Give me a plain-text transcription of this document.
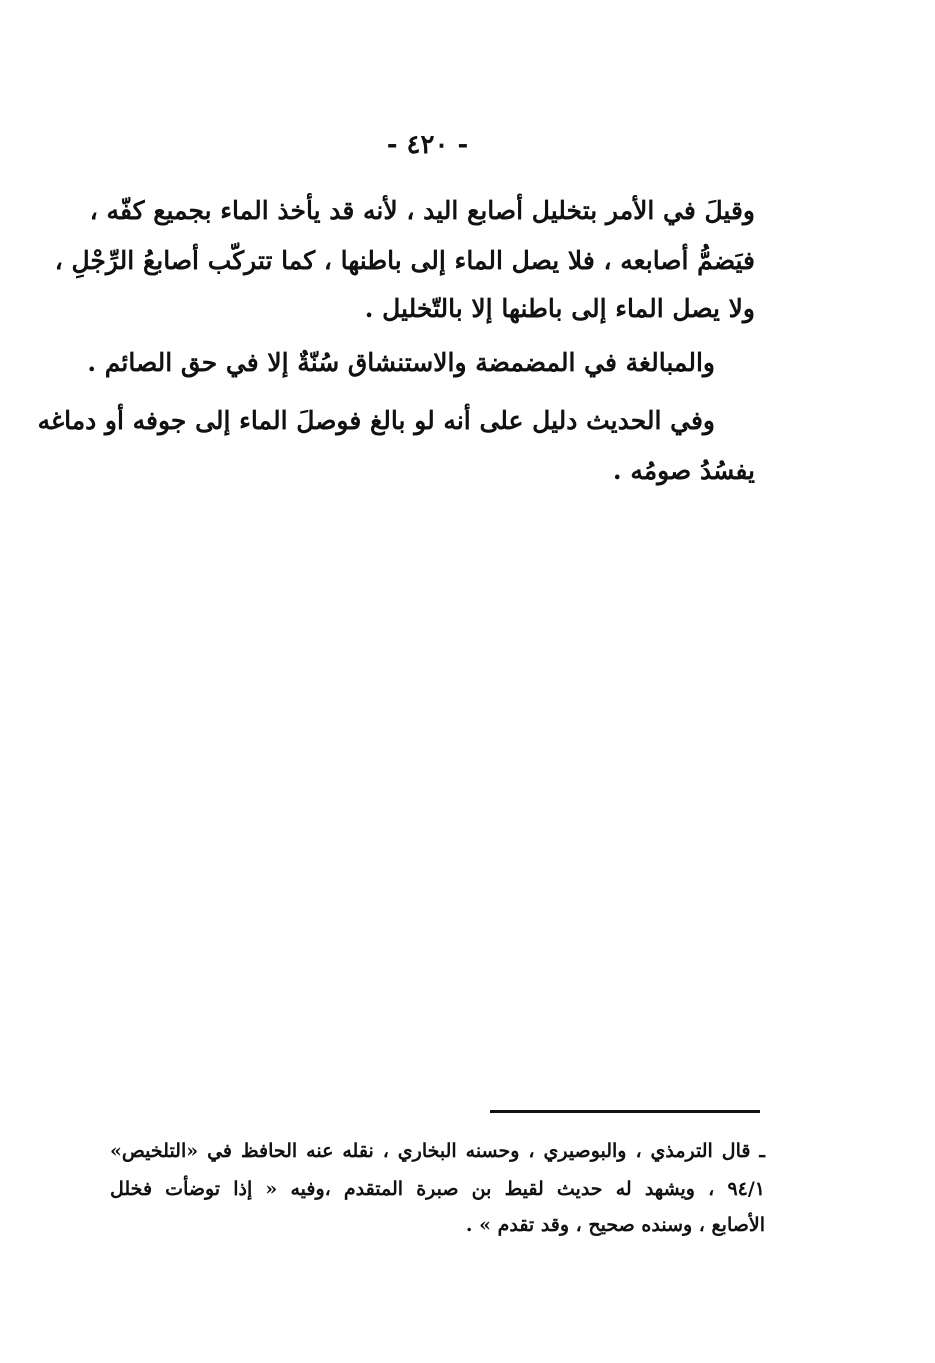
- ٤٢٠ -
وقيلَ في الأمر بتخليل أصابع اليد ، لأنه قد يأخذ الماء بجميع كفّه ،
فيَضمُّ أصابعه ، فلا يصل الماء إلى باطنها ، كما تتركّب أصابعُ الرِّجْلِ ،
ولا يصل الماء إلى باطنها إلا بالتّخليل .
والمبالغة في المضمضة والاستنشاق سُنّةٌ إلا في حق الصائم .
وفي الحديث دليل على أنه لو بالغ فوصلَ الماء إلى جوفه أو دماغه
يفسُدُ صومُه .
ـ قال الترمذي ، والبوصيري ، وحسنه البخاري ، نقله عنه الحافظ في «التلخيص»
٩٤/١ ، ويشهد له حديث لقيط بن صبرة المتقدم ،وفيه « إذا توضأت فخلل
الأصابع ، وسنده صحيح ، وقد تقدم » .
